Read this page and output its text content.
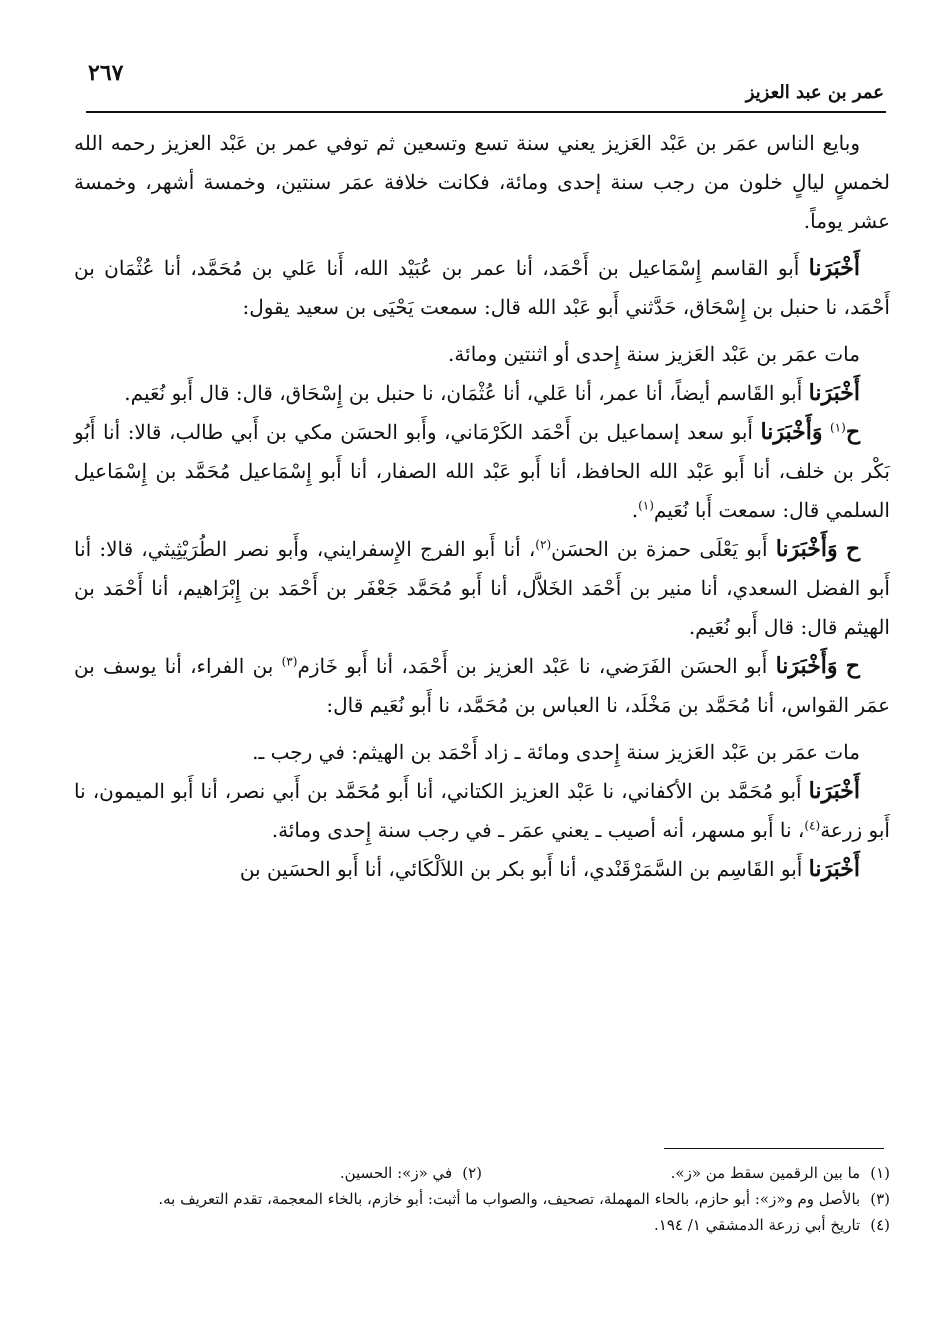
٢٦٧
عمر بن عبد العزيز

وبايع الناس عمَر بن عَبْد العَزيز يعني سنة تسع وتسعين ثم توفي عمر بن عَبْد العزيز رحمه الله لخمسٍ ليالٍ خلون من رجب سنة إحدى ومائة، فكانت خلافة عمَر سنتين، وخمسة أشهر، وخمسة عشر يوماً.

أَخْبَرَنا أَبو القاسم إِسْمَاعيل بن أَحْمَد، أنا عمر بن عُبَيْد الله، أَنا عَلي بن مُحَمَّد، أنا عُثْمَان بن أَحْمَد، نا حنبل بن إِسْحَاق، حَدَّثني أَبو عَبْد الله قال: سمعت يَحْيَى بن سعيد يقول:

مات عمَر بن عَبْد العَزيز سنة إِحدى أو اثنتين ومائة.

أَخْبَرَنا أَبو القَاسم أيضاً، أنا عمر، أنا عَلي، أنا عُثْمَان، نا حنبل بن إِسْحَاق، قال: قال أَبو نُعَيم.

ح$^{(١)}$ وَأَخْبَرَنا أَبو سعد إسماعيل بن أَحْمَد الكَرْمَاني، وأَبو الحسَن مكي بن أَبي طالب، قالا: أنا أَبُو بَكْر بن خلف، أنا أَبو عَبْد الله الحافظ، أنا أَبو عَبْد الله الصفار، أنا أَبو إِسْمَاعيل مُحَمَّد بن إِسْمَاعيل السلمي قال: سمعت أَبا نُعَيم$^{(١)}$.

ح وَأَخْبَرَنا أَبو يَعْلَى حمزة بن الحسَن$^{(٢)}$، أنا أَبو الفرج الإِسفرايني، وأَبو نصر الطُرَيْثِيثي، قالا: أنا أَبو الفضل السعدي، أنا منير بن أَحْمَد الخَلاَّل، أنا أَبو مُحَمَّد جَعْفَر بن أَحْمَد بن إِبْرَاهيم، أنا أَحْمَد بن الهيثم قال: قال أَبو نُعَيم.

ح وَأَخْبَرَنا أَبو الحسَن الفَرَضي، نا عَبْد العزيز بن أَحْمَد، أنا أَبو خَازم$^{(٣)}$ بن الفراء، أنا يوسف بن عمَر القواس، أنا مُحَمَّد بن مَخْلَد، نا العباس بن مُحَمَّد، نا أَبو نُعَيم قال:

مات عمَر بن عَبْد العَزيز سنة إِحدى ومائة ـ زاد أَحْمَد بن الهيثم: في رجب ـ.

أَخْبَرَنا أَبو مُحَمَّد بن الأكفاني، نا عَبْد العزيز الكتاني، أنا أَبو مُحَمَّد بن أَبي نصر، أنا أَبو الميمون، نا أَبو زرعة$^{(٤)}$، نا أَبو مسهر، أنه أصيب ـ يعني عمَر ـ في رجب سنة إِحدى ومائة.

أَخْبَرَنا أَبو القَاسِم بن السَّمَرْقَنْدي، أنا أَبو بكر بن اللاَلْكَائي، أنا أَبو الحسَين بن

(١)ما بين الرقمين سقط من «ز».
(٢)في «ز»: الحسين.
(٣)بالأصل وم و«ز»: أبو حازم، بالحاء المهملة، تصحيف، والصواب ما أثبت: أبو خازم، بالخاء المعجمة، تقدم التعريف به.
(٤)تاريخ أبي زرعة الدمشقي ١/ ١٩٤.
